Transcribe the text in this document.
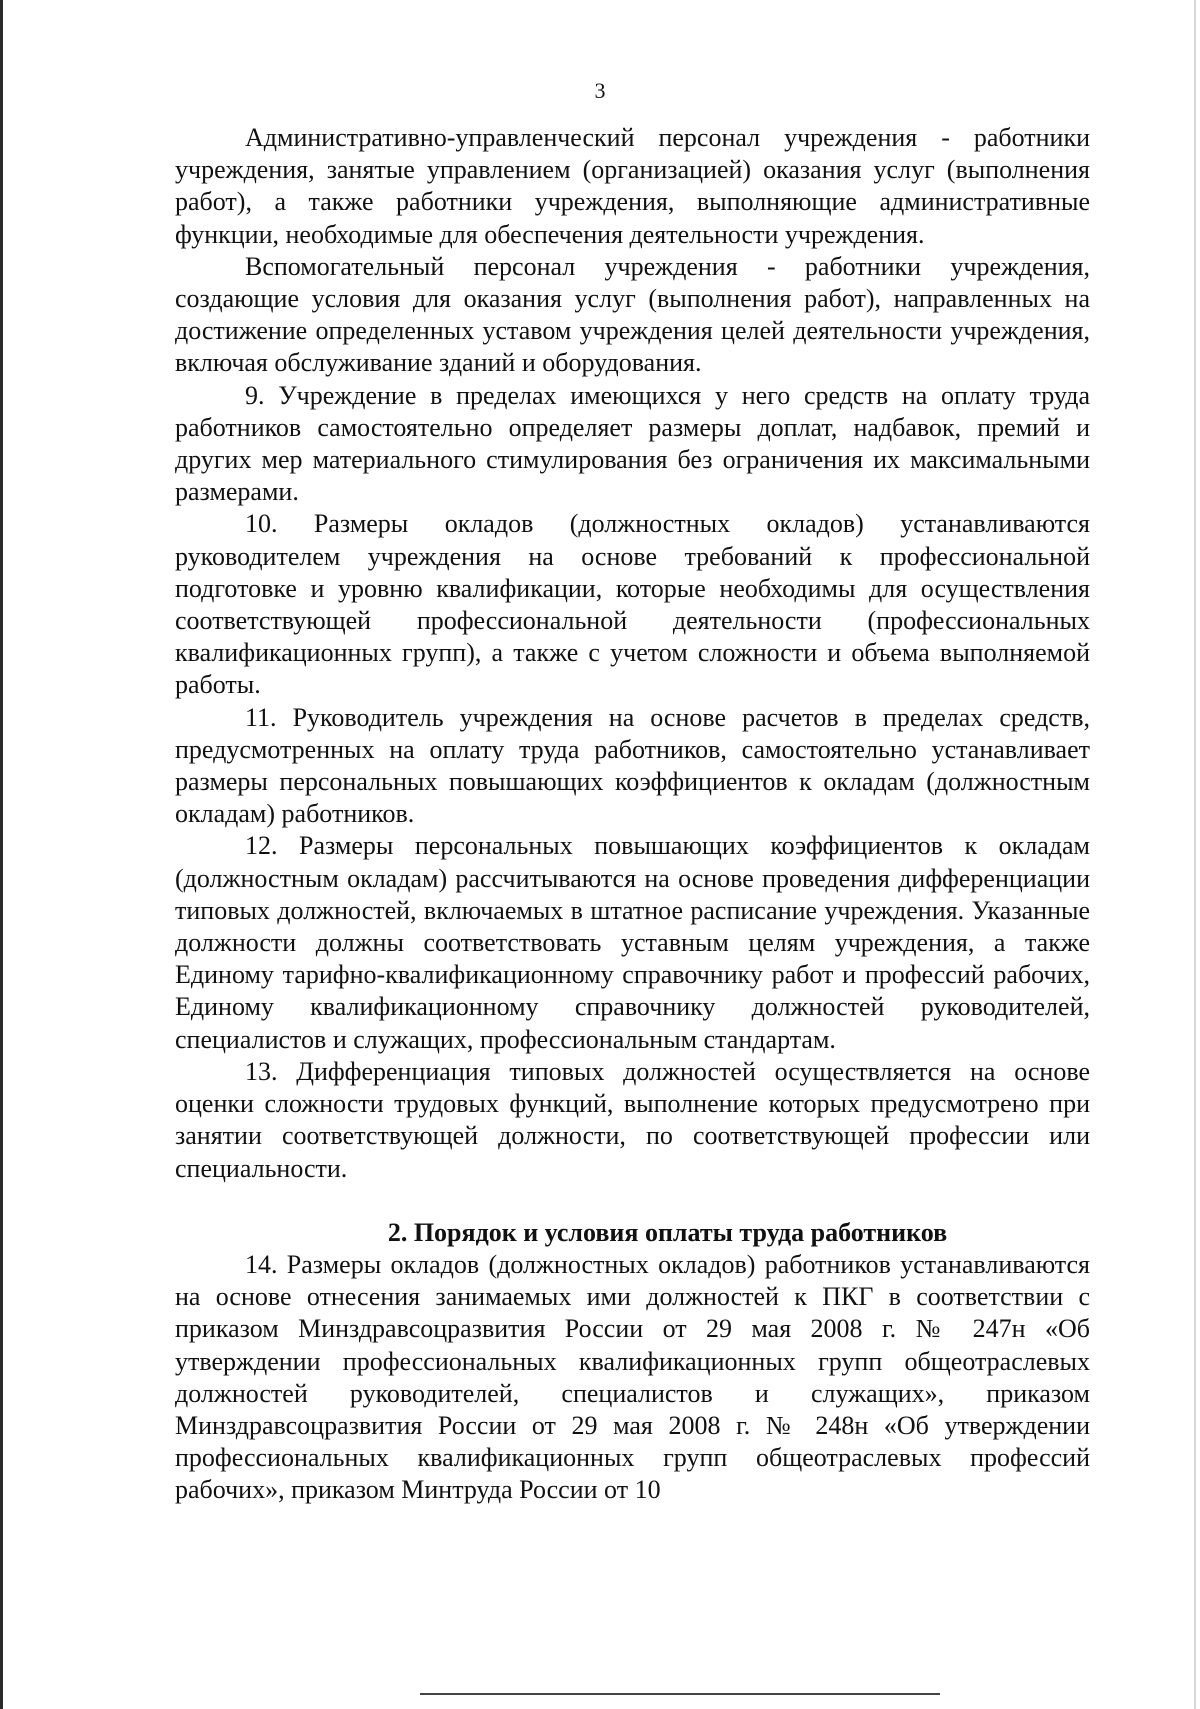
3

Административно-управленческий персонал учреждения - работники учреждения, занятые управлением (организацией) оказания услуг (выполнения работ), а также работники учреждения, выполняющие административные функции, необходимые для обеспечения деятельности учреждения.

Вспомогательный персонал учреждения - работники учреждения, создающие условия для оказания услуг (выполнения работ), направленных на достижение определенных уставом учреждения целей деятельности учреждения, включая обслуживание зданий и оборудования.

9. Учреждение в пределах имеющихся у него средств на оплату труда работников самостоятельно определяет размеры доплат, надбавок, премий и других мер материального стимулирования без ограничения их максимальными размерами.

10. Размеры окладов (должностных окладов) устанавливаются руководителем учреждения на основе требований к профессиональной подготовке и уровню квалификации, которые необходимы для осуществления соответствующей профессиональной деятельности (профессиональных квалификационных групп), а также с учетом сложности и объема выполняемой работы.

11. Руководитель учреждения на основе расчетов в пределах средств, предусмотренных на оплату труда работников, самостоятельно устанавливает размеры персональных повышающих коэффициентов к окладам (должностным окладам) работников.

12. Размеры персональных повышающих коэффициентов к окладам (должностным окладам) рассчитываются на основе проведения дифференциации типовых должностей, включаемых в штатное расписание учреждения. Указанные должности должны соответствовать уставным целям учреждения, а также Единому тарифно-квалификационному справочнику работ и профессий рабочих, Единому квалификационному справочнику должностей руководителей, специалистов и служащих, профессиональным стандартам.

13. Дифференциация типовых должностей осуществляется на основе оценки сложности трудовых функций, выполнение которых предусмотрено при занятии соответствующей должности, по соответствующей профессии или специальности.

2. Порядок и условия оплаты труда работников

14. Размеры окладов (должностных окладов) работников устанавливаются на основе отнесения занимаемых ими должностей к ПКГ в соответствии с приказом Минздравсоцразвития России от 29 мая 2008 г. № 247н «Об утверждении профессиональных квалификационных групп общеотраслевых должностей руководителей, специалистов и служащих», приказом Минздравсоцразвития России от 29 мая 2008 г. № 248н «Об утверждении профессиональных квалификационных групп общеотраслевых профессий рабочих», приказом Минтруда России от 10
